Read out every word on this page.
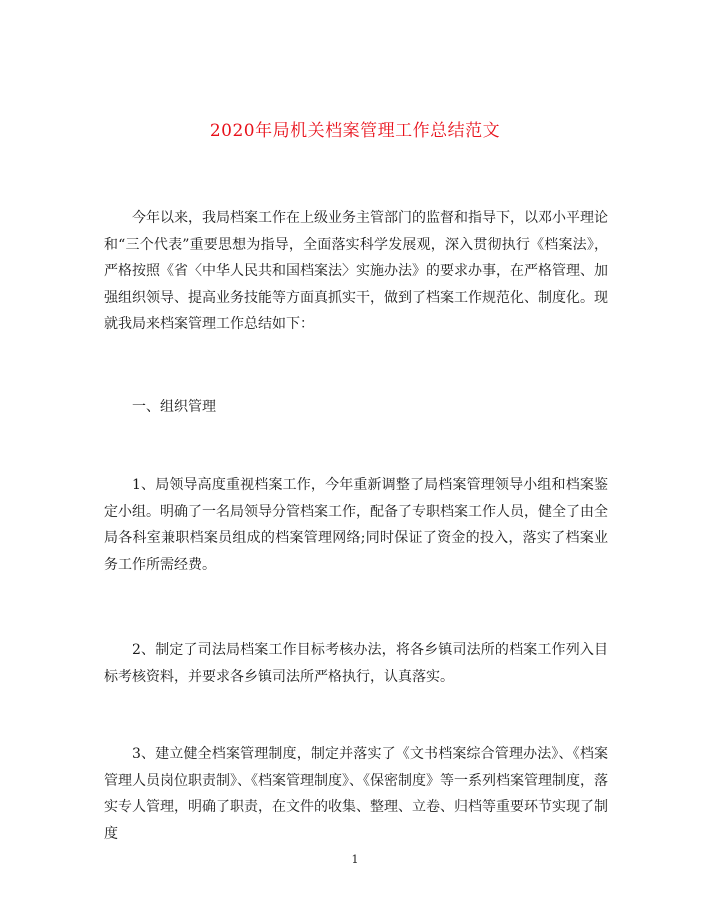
2020年局机关档案管理工作总结范文

今年以来，我局档案工作在上级业务主管部门的监督和指导下，以邓小平理论和“三个代表”重要思想为指导，全面落实科学发展观，深入贯彻执行《档案法》，严格按照《省〈中华人民共和国档案法〉实施办法》的要求办事，在严格管理、加强组织领导、提高业务技能等方面真抓实干，做到了档案工作规范化、制度化。现就我局来档案管理工作总结如下：

一、组织管理

1、局领导高度重视档案工作，今年重新调整了局档案管理领导小组和档案鉴定小组。明确了一名局领导分管档案工作，配备了专职档案工作人员，健全了由全局各科室兼职档案员组成的档案管理网络;同时保证了资金的投入，落实了档案业务工作所需经费。

2、制定了司法局档案工作目标考核办法，将各乡镇司法所的档案工作列入目标考核资料，并要求各乡镇司法所严格执行，认真落实。

3、建立健全档案管理制度，制定并落实了《文书档案综合管理办法》、《档案管理人员岗位职责制》、《档案管理制度》、《保密制度》等一系列档案管理制度，落实专人管理，明确了职责，在文件的收集、整理、立卷、归档等重要环节实现了制度

1
